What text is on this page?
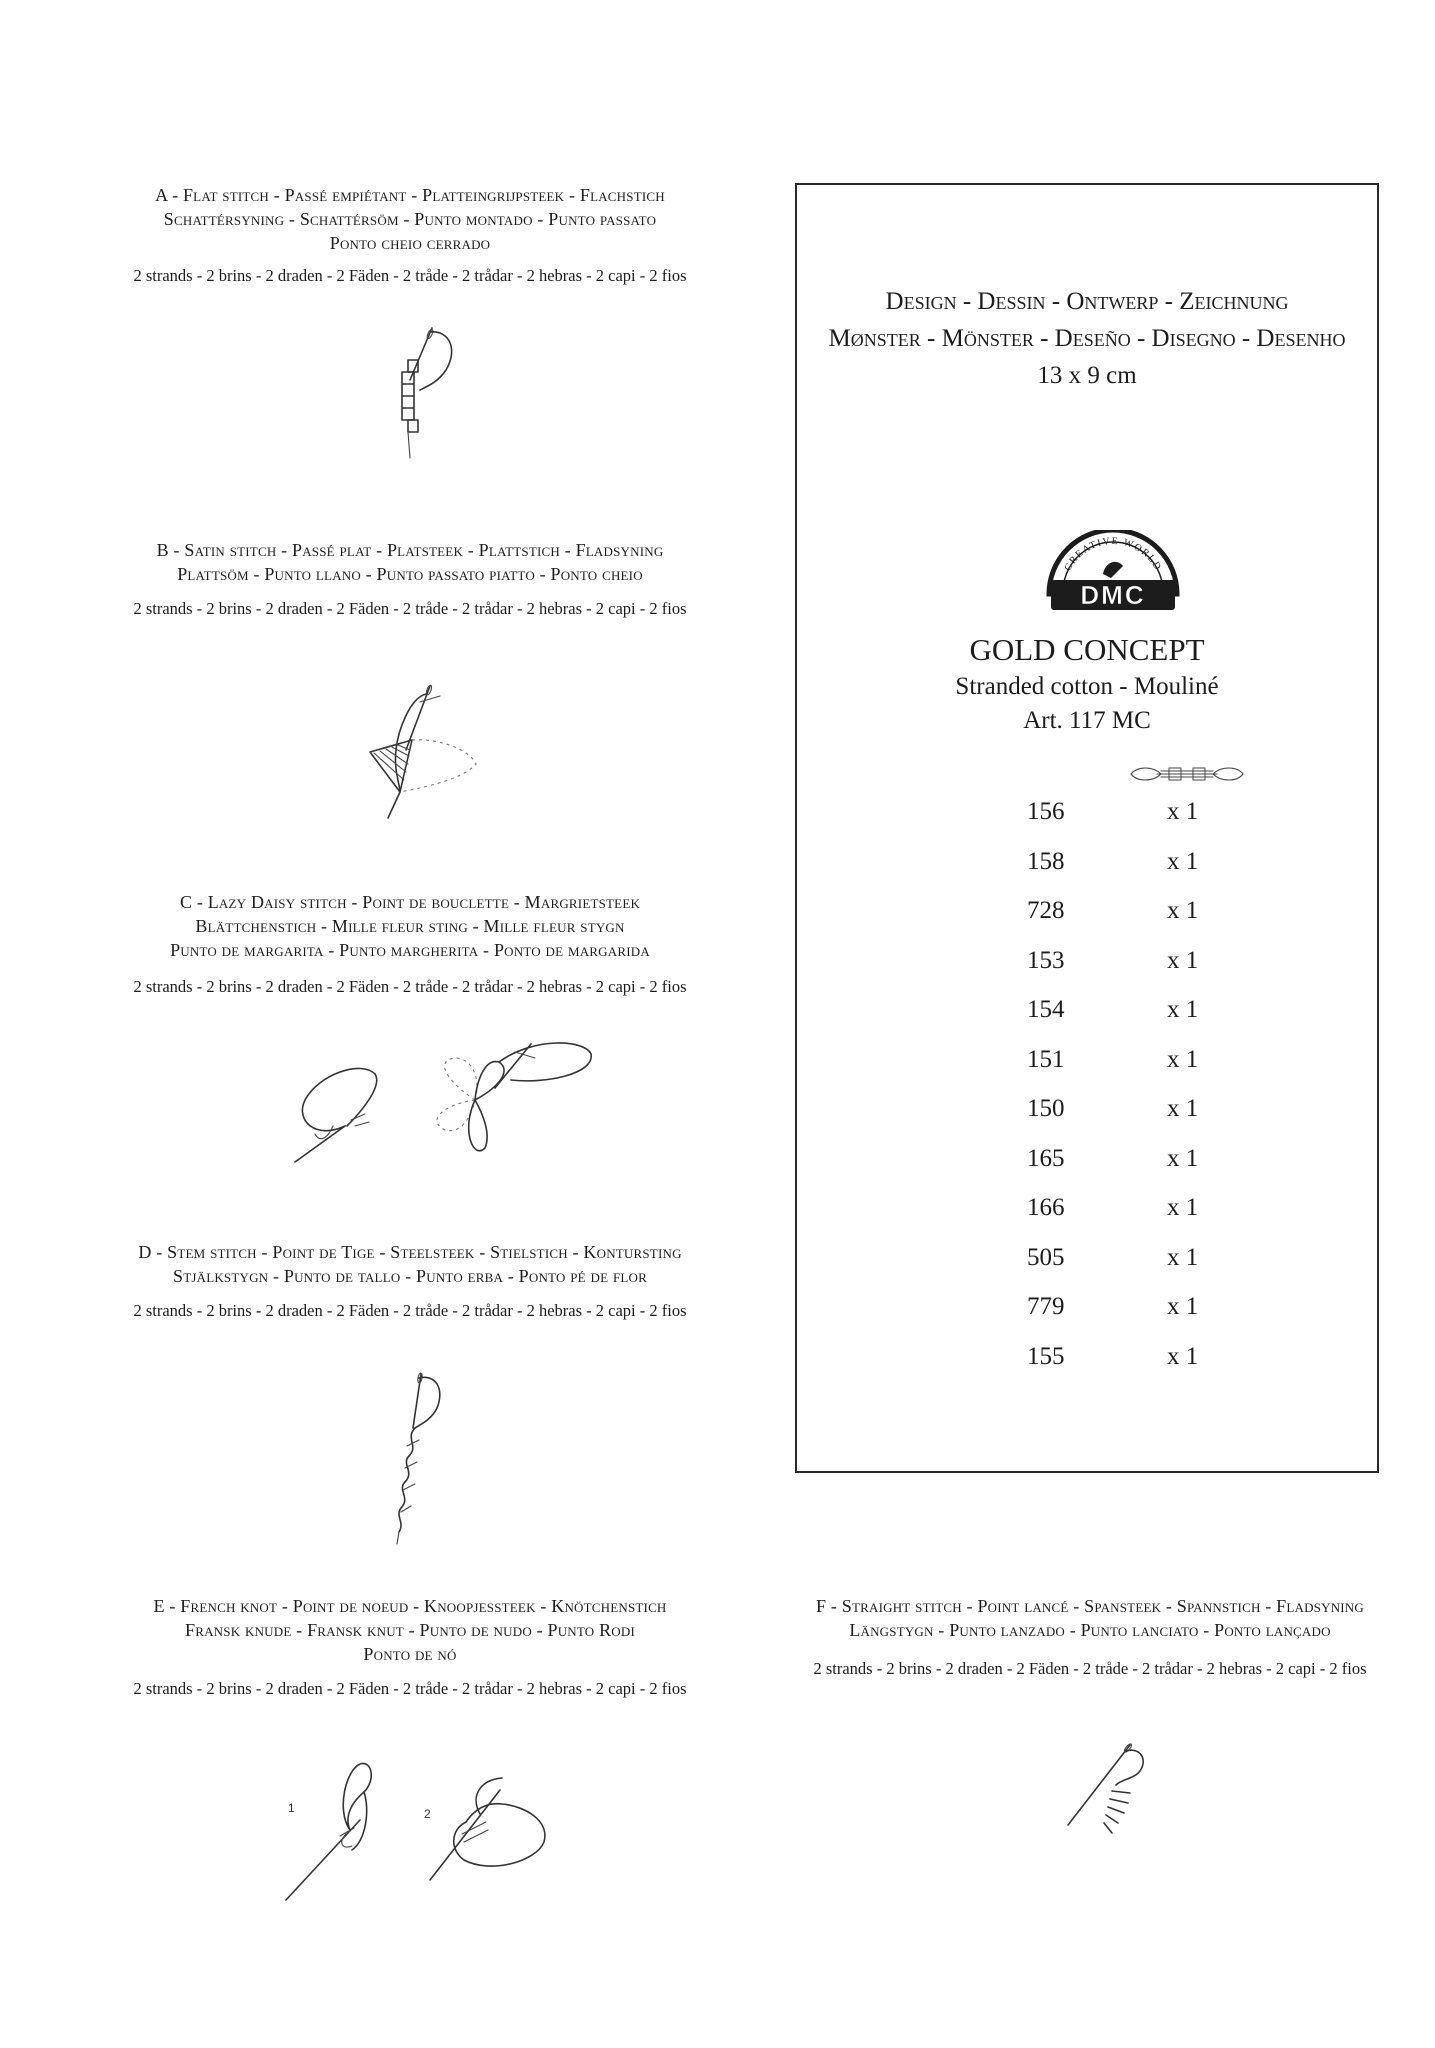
A - Flat stitch - Passé empiétant - Platteingrijpsteek - Flachstich
Schattérsyning - Schattérsöm - Punto montado - Punto passato
Ponto cheio cerrado
2 strands - 2 brins - 2 draden - 2 Fäden - 2 tråde - 2 trådar - 2 hebras - 2 capi - 2 fios
B - Satin stitch - Passé plat - Platsteek - Plattstich - Fladsyning
Plattsöm - Punto llano - Punto passato piatto - Ponto cheio
2 strands - 2 brins - 2 draden - 2 Fäden - 2 tråde - 2 trådar - 2 hebras - 2 capi - 2 fios
C - Lazy Daisy stitch - Point de bouclette - Margrietsteek
Blättchenstich - Mille fleur sting - Mille fleur stygn
Punto de margarita - Punto margherita - Ponto de margarida
2 strands - 2 brins - 2 draden - 2 Fäden - 2 tråde - 2 trådar - 2 hebras - 2 capi - 2 fios
D - Stem stitch - Point de Tige - Steelsteek - Stielstich - Kontursting
Stjälkstygn - Punto de tallo - Punto erba - Ponto pé de flor
2 strands - 2 brins - 2 draden - 2 Fäden - 2 tråde - 2 trådar - 2 hebras - 2 capi - 2 fios
E - French knot - Point de noeud - Knoopjessteek - Knötchenstich
Fransk knude - Fransk knut - Punto de nudo - Punto Rodi
Ponto de nó
2 strands - 2 brins - 2 draden - 2 Fäden - 2 tråde - 2 trådar - 2 hebras - 2 capi - 2 fios
1	2
F - Straight stitch - Point lancé - Spansteek - Spannstich - Fladsyning
Längstygn - Punto lanzado - Punto lanciato - Ponto lançado
2 strands - 2 brins - 2 draden - 2 Fäden - 2 tråde - 2 trådar - 2 hebras - 2 capi - 2 fios
Design - Dessin - Ontwerp - Zeichnung
Mønster - Mönster - Deseño - Disegno - Desenho
13 x 9 cm
CREATIVE WORLD
DMC
GOLD CONCEPT
Stranded cotton - Mouliné
Art. 117 MC
156	x 1
158	x 1
728	x 1
153	x 1
154	x 1
151	x 1
150	x 1
165	x 1
166	x 1
505	x 1
779	x 1
155	x 1
